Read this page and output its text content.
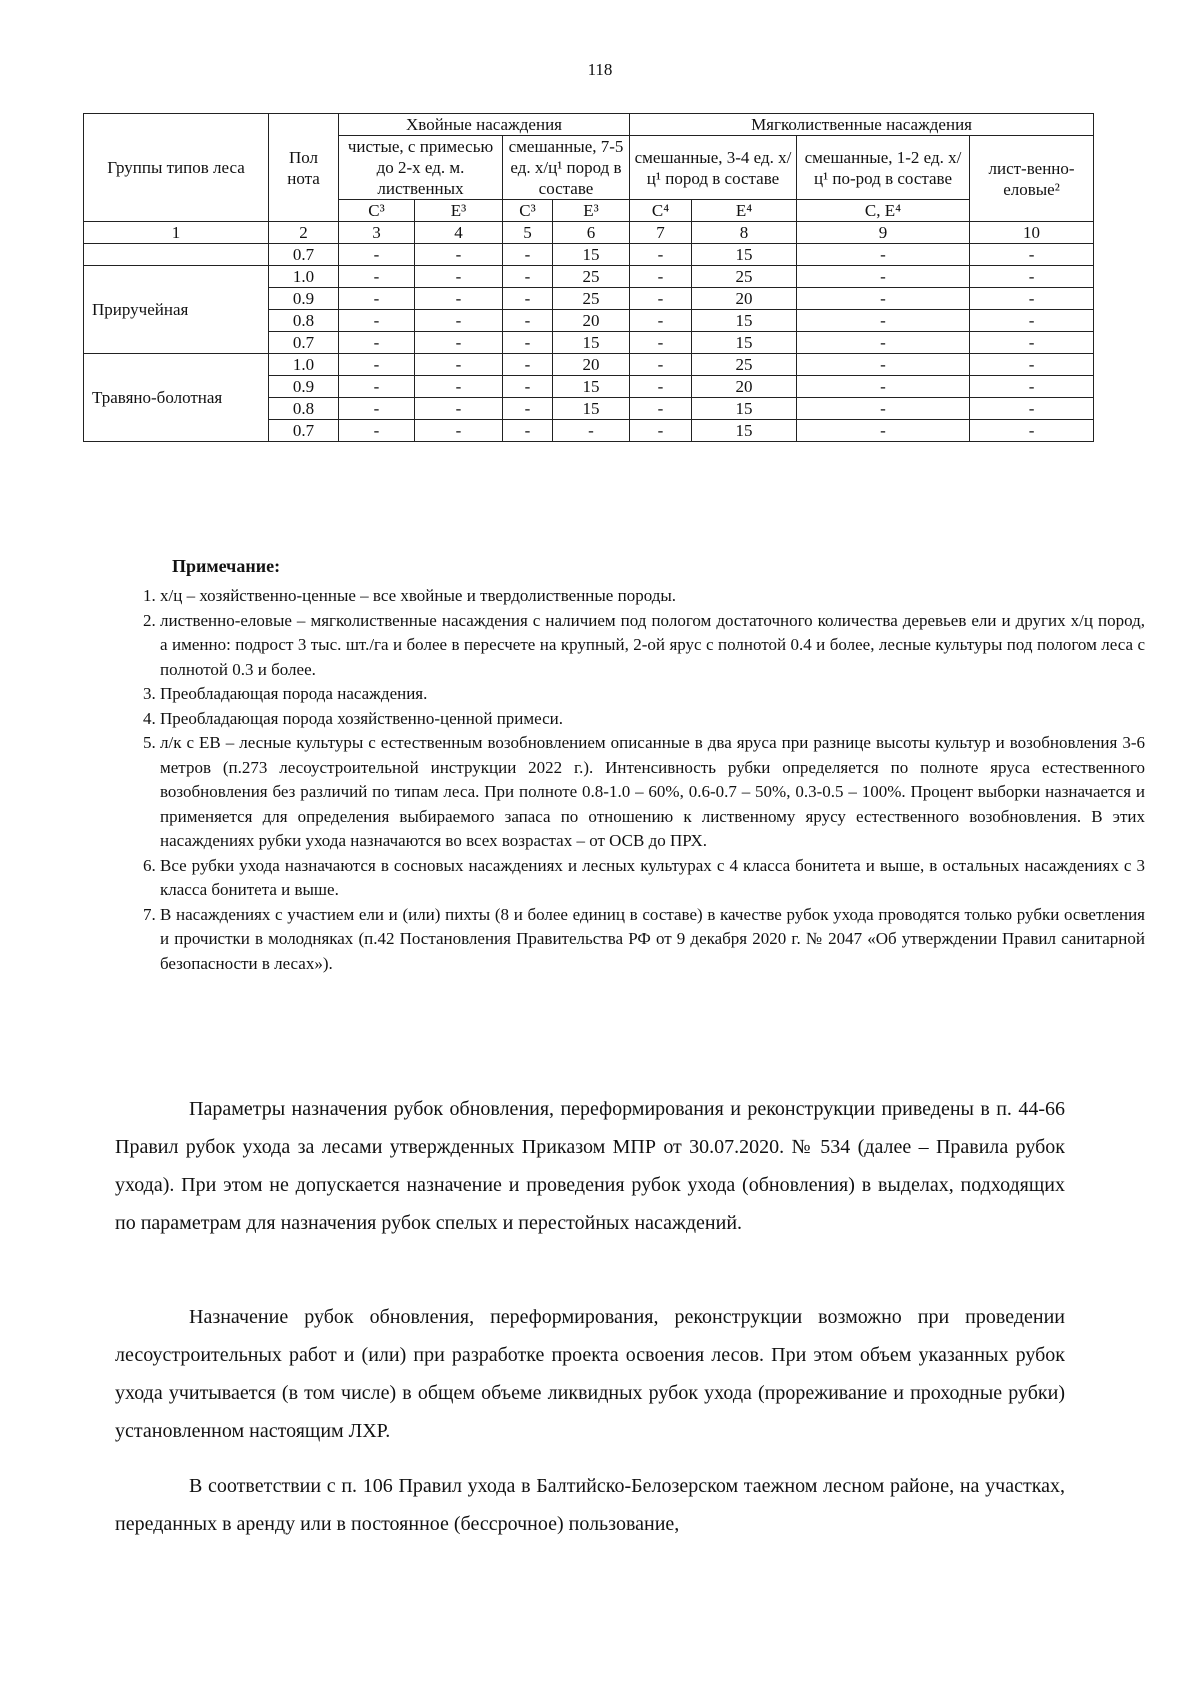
118
Группы типов леса	Пол нота	Хвойные насаждения				Мягколиственные насаждения			
		чистые, с примесью до 2-х ед. м. лиственных		смешанные, 7-5 ед. х/ц¹ пород в составе		смешанные, 3-4 ед. х/ц¹ пород в составе		смешанные, 1-2 ед. х/ц¹ по-род в составе	лист-венно-еловые²
		С³	Е³	С³	Е³	С⁴	Е⁴	С, Е⁴	
1	2	3	4	5	6	7	8	9	10
	0.7	-	-	-	15	-	15	-	-
Приручейная	1.0	-	-	-	25	-	25	-	-
	0.9	-	-	-	25	-	20	-	-
	0.8	-	-	-	20	-	15	-	-
	0.7	-	-	-	15	-	15	-	-
Травяно-болотная	1.0	-	-	-	20	-	25	-	-
	0.9	-	-	-	15	-	20	-	-
	0.8	-	-	-	15	-	15	-	-
	0.7	-	-	-	-	-	15	-	-
Примечание:
1. х/ц – хозяйственно-ценные – все хвойные и твердолиственные породы.
2. лиственно-еловые – мягколиственные насаждения с наличием под пологом достаточного количества деревьев ели и других х/ц пород, а именно: подрост 3 тыс. шт./га и более в пересчете на крупный, 2-ой ярус с полнотой 0.4 и более, лесные культуры под пологом леса с полнотой 0.3 и более.
3. Преобладающая порода насаждения.
4. Преобладающая порода хозяйственно-ценной примеси.
5. л/к с ЕВ – лесные культуры с естественным возобновлением описанные в два яруса при разнице высоты культур и возобновления 3-6 метров (п.273 лесоустроительной инструкции 2022 г.). Интенсивность рубки определяется по полноте яруса естественного возобновления без различий по типам леса. При полноте 0.8-1.0 – 60%, 0.6-0.7 – 50%, 0.3-0.5 – 100%. Процент выборки назначается и применяется для определения выбираемого запаса по отношению к лиственному ярусу естественного возобновления. В этих насаждениях рубки ухода назначаются во всех возрастах – от ОСВ до ПРХ.
6. Все рубки ухода назначаются в сосновых насаждениях и лесных культурах с 4 класса бонитета и выше, в остальных насаждениях с 3 класса бонитета и выше.
7. В насаждениях с участием ели и (или) пихты (8 и более единиц в составе) в качестве рубок ухода проводятся только рубки осветления и прочистки в молодняках (п.42 Постановления Правительства РФ от 9 декабря 2020 г. № 2047 «Об утверждении Правил санитарной безопасности в лесах»).

Параметры назначения рубок обновления, переформирования и реконструкции приведены в п. 44-66 Правил рубок ухода за лесами утвержденных Приказом МПР от 30.07.2020. № 534 (далее – Правила рубок ухода). При этом не допускается назначение и проведения рубок ухода (обновления) в выделах, подходящих по параметрам для назначения рубок спелых и перестойных насаждений.

Назначение рубок обновления, переформирования, реконструкции возможно при проведении лесоустроительных работ и (или) при разработке проекта освоения лесов. При этом объем указанных рубок ухода учитывается (в том числе) в общем объеме ликвидных рубок ухода (прореживание и проходные рубки) установленном настоящим ЛХР.

В соответствии с п. 106 Правил ухода в Балтийско-Белозерском таежном лесном районе, на участках, переданных в аренду или в постоянное (бессрочное) пользование,
